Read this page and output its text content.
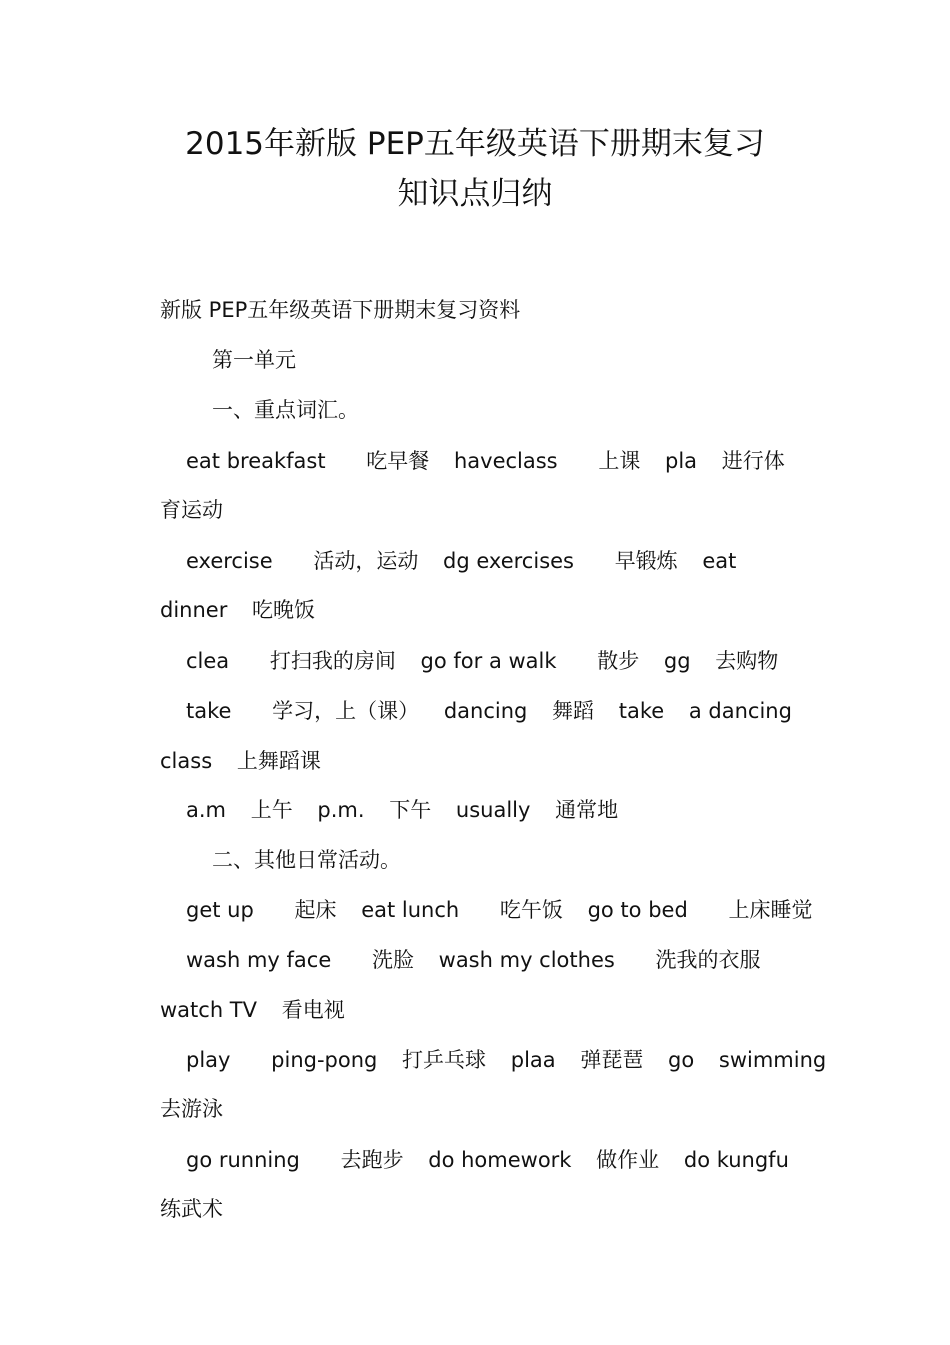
2015年新版 PEP五年级英语下册期末复习
知识点归纳
新版 PEP五年级英语下册期末复习资料
第一单元
一、重点词汇。
eat breakfast 吃早餐 haveclass 上课 pla 进行体
育运动
exercise 活动，运动 dg exercises 早锻炼 eat
dinner 吃晚饭
clea 打扫我的房间 go for a walk 散步 gg 去购物
take 学习，上（课） dancing 舞蹈 take a dancing
class 上舞蹈课
a.m 上午 p.m. 下午 usually 通常地
二、其他日常活动。
get up 起床 eat lunch 吃午饭 go to bed 上床睡觉
wash my face 洗脸 wash my clothes 洗我的衣服
watch TV 看电视
play ping-pong 打乒乓球 plaa 弹琵琶 go swimming
去游泳
go running 去跑步 do homework 做作业 do kungfu
练武术
